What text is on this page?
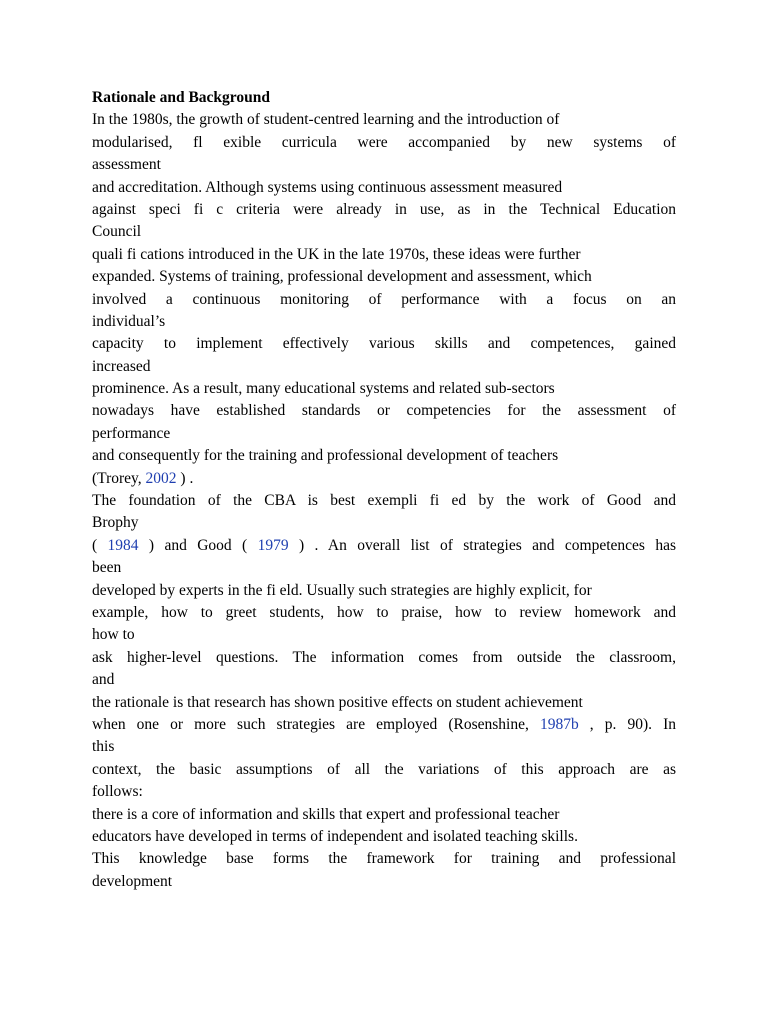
Rationale and Background
In the 1980s, the growth of student-centred learning and the introduction of
modularised, fl exible curricula were accompanied by new systems of
assessment
and accreditation. Although systems using continuous assessment measured
against speci fi c criteria were already in use, as in the Technical Education
Council
quali fi cations introduced in the UK in the late 1970s, these ideas were further
expanded. Systems of training, professional development and assessment, which
involved a continuous monitoring of performance with a focus on an
individual’s
capacity to implement effectively various skills and competences, gained
increased
prominence. As a result, many educational systems and related sub-sectors
nowadays have established standards or competencies for the assessment of
performance
and consequently for the training and professional development of teachers
(Trorey, 2002 ) .
The foundation of the CBA is best exempli fi ed by the work of Good and
Brophy
( 1984 ) and Good ( 1979 ) . An overall list of strategies and competences has
been
developed by experts in the fi eld. Usually such strategies are highly explicit, for
example, how to greet students, how to praise, how to review homework and
how to
ask higher-level questions. The information comes from outside the classroom,
and
the rationale is that research has shown positive effects on student achievement
when one or more such strategies are employed (Rosenshine, 1987b , p. 90). In
this
context, the basic assumptions of all the variations of this approach are as
follows:
there is a core of information and skills that expert and professional teacher
educators have developed in terms of independent and isolated teaching skills.
This knowledge base forms the framework for training and professional
development
